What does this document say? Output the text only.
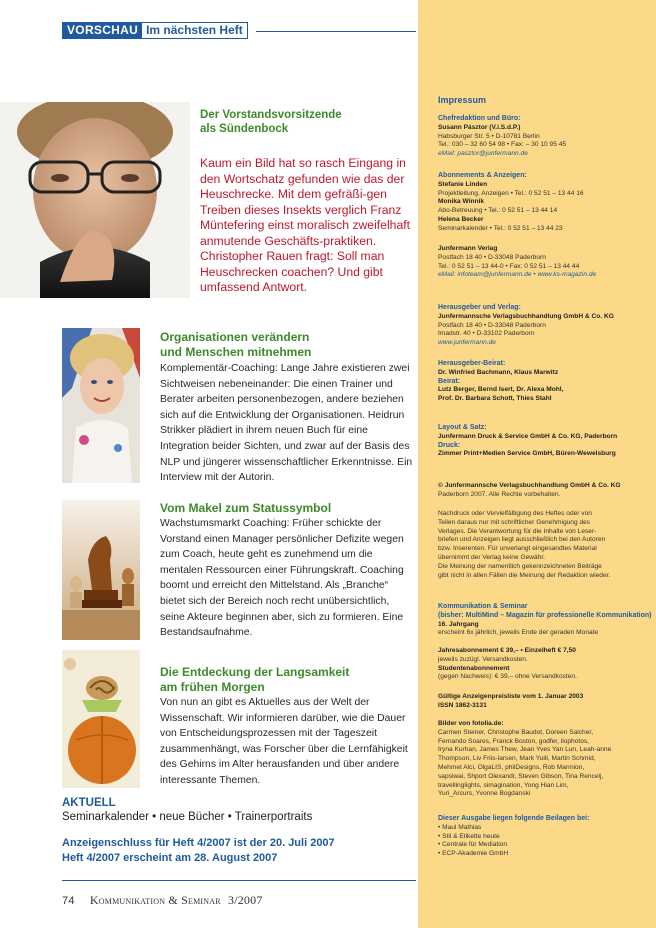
VORSCHAU Im nächsten Heft
Der Vorstandsvorsitzende
als Sündenbock

Kaum ein Bild hat so rasch Eingang in den Wortschatz gefunden wie das der Heuschrecke. Mit dem gefräßi-gen Treiben dieses Insekts verglich Franz Müntefering einst moralisch zweifelhaft anmutende Geschäfts-praktiken. Christopher Rauen fragt: Soll man Heuschrecken coachen? Und gibt umfassend Antwort.

Organisationen verändern
und Menschen mitnehmen

Komplementär-Coaching: Lange Jahre existieren zwei Sichtweisen nebeneinander: Die einen Trainer und Berater arbeiten personenbezogen, andere beziehen sich auf die Entwicklung der Organisationen. Heidrun Strikker plädiert in ihrem neuen Buch für eine Integration beider Sichten, und zwar auf der Basis des NLP und jüngerer wissenschaftlicher Erkenntnisse. Ein Interview mit der Autorin.

Vom Makel zum Statussymbol

Wachstumsmarkt Coaching: Früher schickte der Vorstand einen Manager persönlicher Defizite wegen zum Coach, heute geht es zunehmend um die mentalen Ressourcen einer Führungskraft. Coaching boomt und erreicht den Mittelstand. Als „Branche“ bietet sich der Bereich noch recht unübersichtlich, seine Akteure beginnen aber, sich zu formieren. Eine Bestandsaufnahme.

Die Entdeckung der Langsamkeit
am frühen Morgen

Von nun an gibt es Aktuelles aus der Welt der Wissenschaft. Wir informieren darüber, wie die Dauer von Entscheidungsprozessen mit der Tageszeit zusammenhängt, was Forscher über die Lernfähigkeit des Gehirns im Alter herausfanden und über andere interessante Themen.

AKTUELL
Seminarkalender • neue Bücher • Trainerportraits
Anzeigenschluss für Heft 4/2007 ist der 20. Juli 2007
Heft 4/2007 erscheint am 28. August 2007
74 Kommunikation & Seminar 3/2007
Impressum
Chefredaktion und Büro:
Susann Pásztor (V.i.S.d.P.)
Habsburger Str. 5 • D-10781 Berlin
Tel.: 030 – 32 60 54 98 • Fax: – 30 10 95 45
eMail: pasztor@junfermann.de
Abonnements & Anzeigen:
Stefanie Linden
Projektleitung, Anzeigen • Tel.: 0 52 51 – 13 44 16
Monika Winnik
Abo-Betreuung • Tel.: 0 52 51 – 13 44 14
Helena Becker
Seminarkalender • Tel.: 0 52 51 – 13 44 23
Junfermann Verlag
Postfach 18 40 • D-33048 Paderborn
Tel.: 0 52 51 – 13 44-0 • Fax: 0 52 51 – 13 44 44
eMail: infoteam@junfermann.de • www.ks-magazin.de
Herausgeber und Verlag:
Junfermannsche Verlagsbuchhandlung GmbH & Co. KG
Postfach 18 40 • D-33048 Paderborn
Imadstr. 40 • D-33102 Paderborn
www.junfermann.de
Herausgeber-Beirat:
Dr. Winfried Bachmann, Klaus Marwitz
Beirat:
Lutz Berger, Bernd Isert, Dr. Alexa Mohl,
Prof. Dr. Barbara Schott, Thies Stahl
Layout & Satz:
Junfermann Druck & Service GmbH & Co. KG, Paderborn
Druck:
Zimmer Print+Medien Service GmbH, Büren-Wewelsburg
© Junfermannsche Verlagsbuchhandlung GmbH & Co. KG
Paderborn 2007. Alle Rechte vorbehalten.
Nachdruck oder Vervielfältigung des Heftes oder von
Teilen daraus nur mit schriftlicher Genehmigung des
Verlages. Die Verantwortung für die Inhalte von Leser-
briefen und Anzeigen liegt ausschließlich bei den Autoren
bzw. Inserenten. Für unverlangt eingesandtes Material
übernimmt der Verlag keine Gewähr.
Die Meinung der namentlich gekennzeichneten Beiträge
gibt nicht in allen Fällen die Meinung der Redaktion wieder.
Kommunikation & Seminar
(bisher: MultiMind – Magazin für professionelle Kommunikation)
16. Jahrgang
erscheint 6x jährlich, jeweils Ende der geraden Monate
Jahresabonnement € 39,– • Einzelheft € 7,50
jeweils zuzügl. Versandkosten.
Studentenabonnement
(gegen Nachweis): € 39,– ohne Versandkosten.
Gültige Anzeigenpreisliste vom 1. Januar 2003
ISSN 1862-3131
Bilder von fotolia.de:
Carmen Steiner, Christophe Baudot, Doreen Salcher,
Fernando Soares, Franck Boston, godfer, ilophotos,
Iryna Kurhan, James Thew, Jean Yves Yan Lun, Leah-anne
Thompson, Liv Friis-larsen, Mark Yuill, Martin Schmid,
Mehmet Alci, OlgaLIS, philDesigns, Rob Marmion,
sapsiwai, Shport Olexandr, Steven Gibson, Tina Rencelj,
travellinglights, simagination, Yong Hian Lim,
Yuri_Arcurs, Yvonne Bogdanski
Dieser Ausgabe liegen folgende Beilagen bei:
• Maul Mathias
• Stil & Etikette heute
• Centrale für Mediation
• ECP-Akademie GmbH
